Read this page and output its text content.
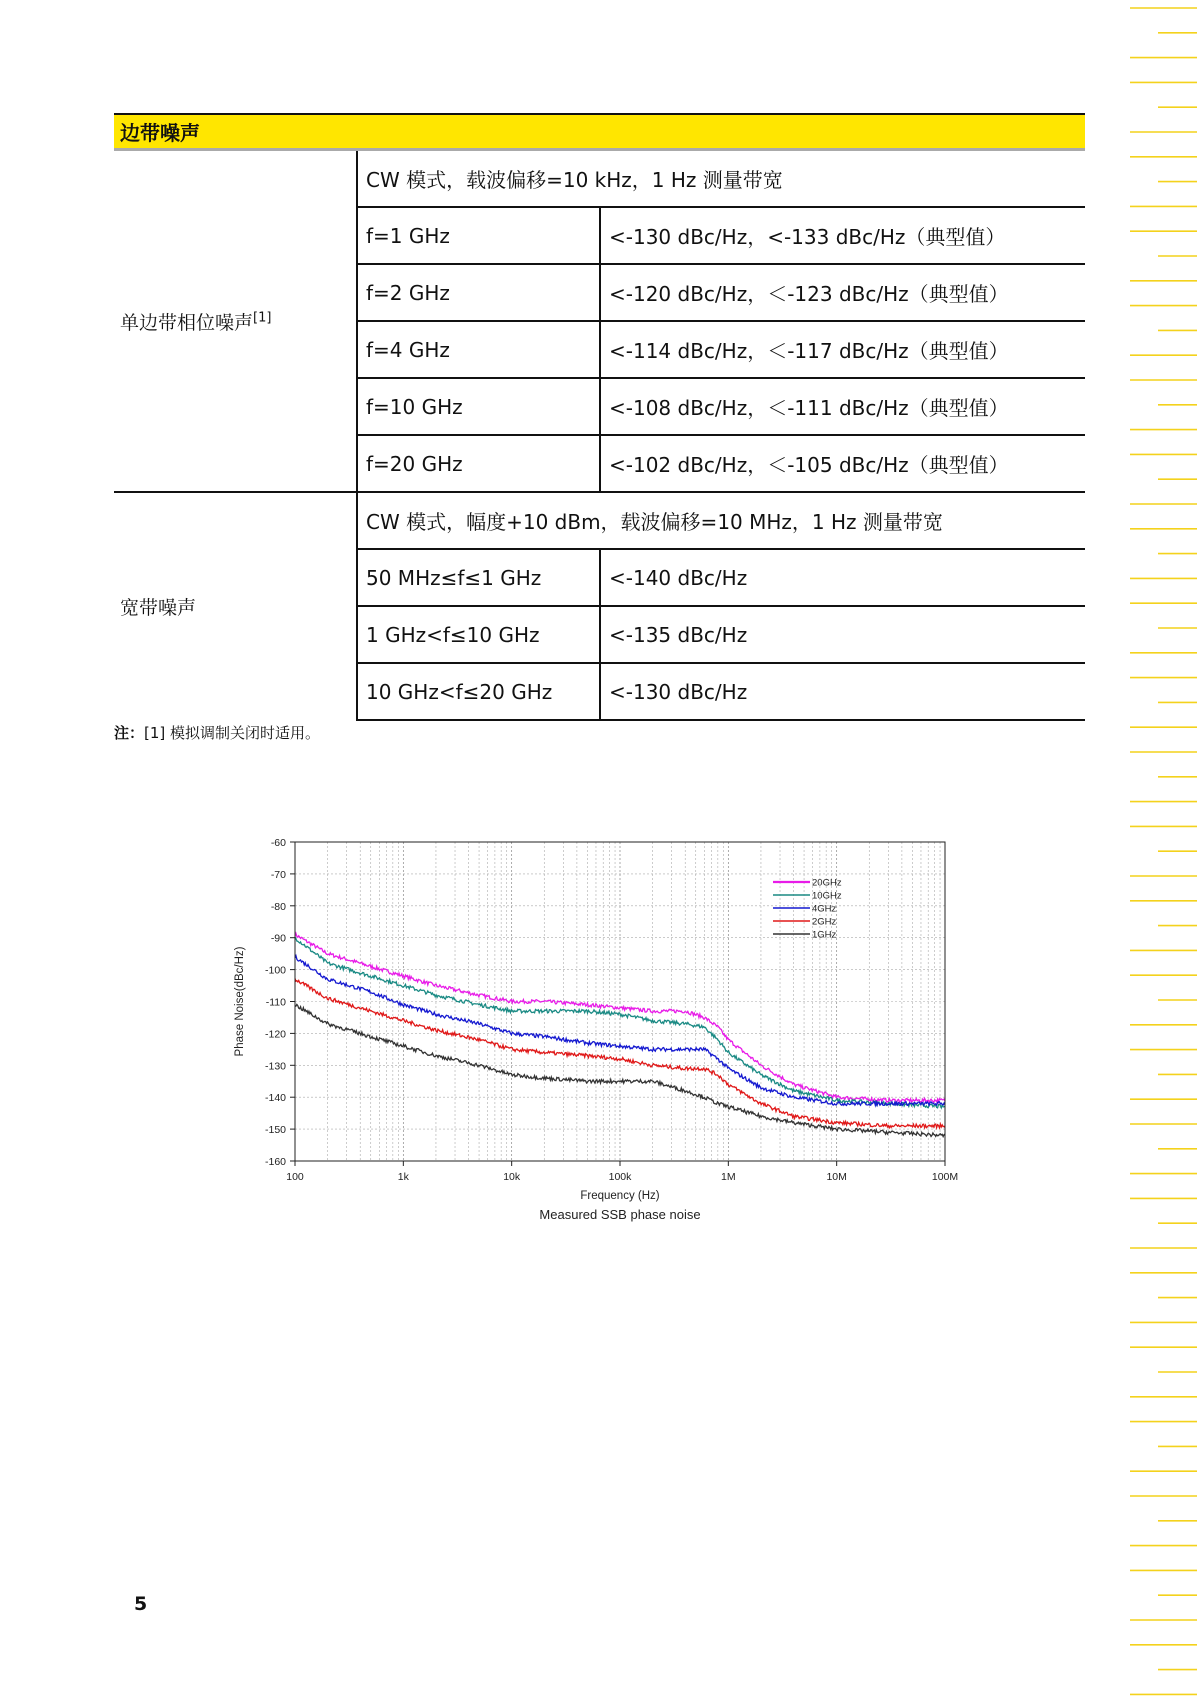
边带噪声		
单边带相位噪声[1]	CW 模式，载波偏移=10 kHz，1 Hz 测量带宽	
	f=1 GHz	<-130 dBc/Hz，<-133 dBc/Hz（典型值）
	f=2 GHz	<-120 dBc/Hz，＜-123 dBc/Hz（典型值）
	f=4 GHz	<-114 dBc/Hz，＜-117 dBc/Hz（典型值）
	f=10 GHz	<-108 dBc/Hz，＜-111 dBc/Hz（典型值）
	f=20 GHz	<-102 dBc/Hz，＜-105 dBc/Hz（典型值）
宽带噪声	CW 模式，幅度+10 dBm，载波偏移=10 MHz，1 Hz 测量带宽	
	50 MHz≤f≤1 GHz	<-140 dBc/Hz
	1 GHz<f≤10 GHz	<-135 dBc/Hz
	10 GHz<f≤20 GHz	<-130 dBc/Hz
注：[1] 模拟调制关闭时适用。
-60
-70
-80
-90
-100
-110
-120
-130
-140
-150
-160
100	1k	10k	100k	1M	10M	100M
Frequency (Hz)
Phase Noise(dBc/Hz)
Measured SSB phase noise
20GHz
10GHz
4GHz
2GHz
1GHz
5
